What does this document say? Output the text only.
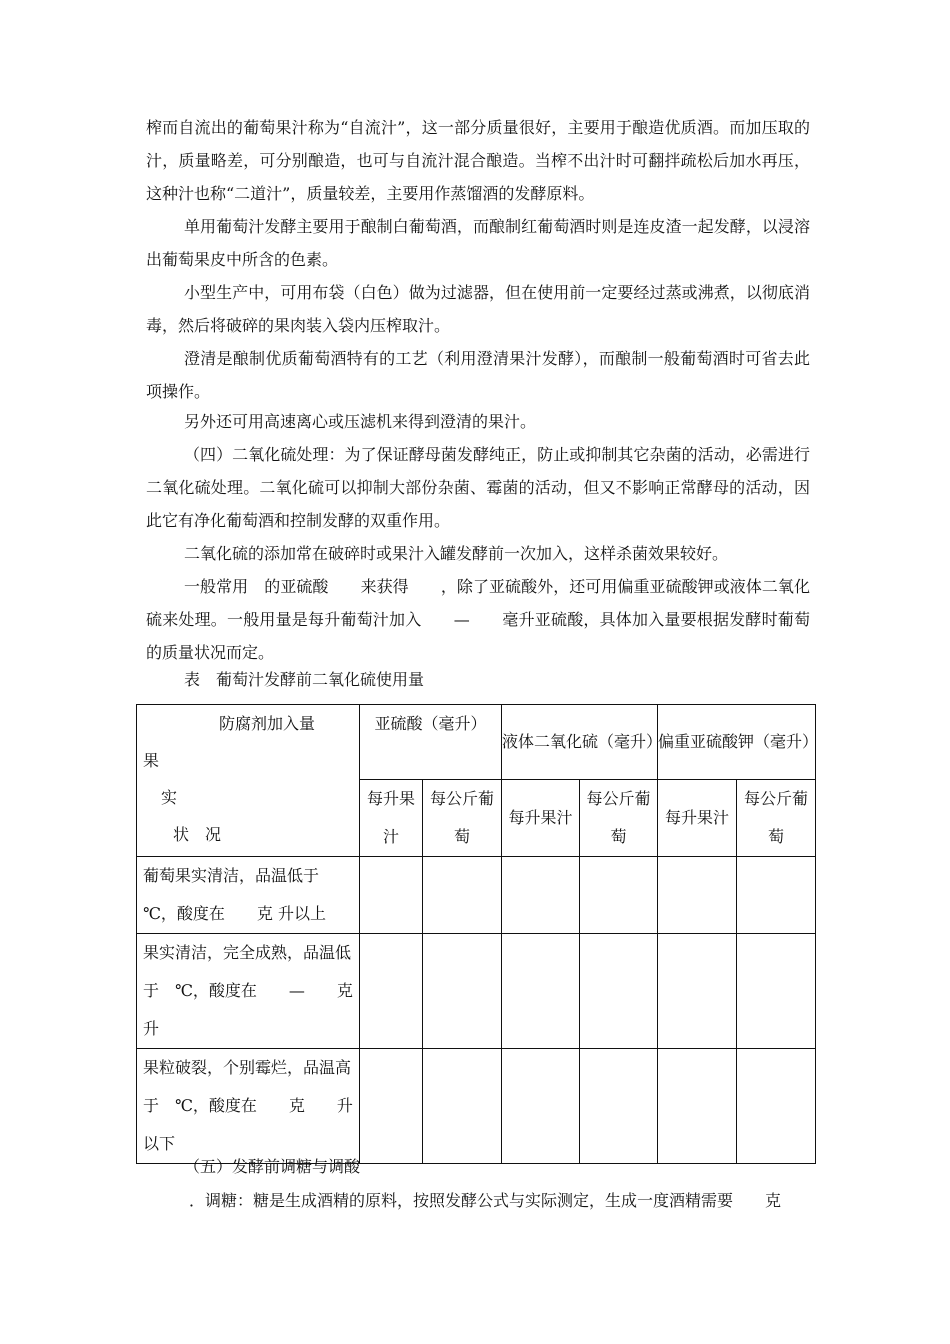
榨而自流出的葡萄果汁称为“自流汁”，这一部分质量很好，主要用于酿造优质酒。而加压取的汁，质量略差，可分别酿造，也可与自流汁混合酿造。当榨不出汁时可翻拌疏松后加水再压，这种汁也称“二道汁”，质量较差，主要用作蒸馏酒的发酵原料。

单用葡萄汁发酵主要用于酿制白葡萄酒，而酿制红葡萄酒时则是连皮渣一起发酵，以浸溶出葡萄果皮中所含的色素。

小型生产中，可用布袋（白色）做为过滤器，但在使用前一定要经过蒸或沸煮，以彻底消毒，然后将破碎的果肉装入袋内压榨取汁。

澄清是酿制优质葡萄酒特有的工艺（利用澄清果汁发酵），而酿制一般葡萄酒时可省去此项操作。

另外还可用高速离心或压滤机来得到澄清的果汁。

（四）二氧化硫处理：为了保证酵母菌发酵纯正，防止或抑制其它杂菌的活动，必需进行二氧化硫处理。二氧化硫可以抑制大部份杂菌、霉菌的活动，但又不影响正常酵母的活动，因此它有净化葡萄酒和控制发酵的双重作用。

二氧化硫的添加常在破碎时或果汁入罐发酵前一次加入，这样杀菌效果较好。

一般常用　的亚硫酸　　来获得　　，除了亚硫酸外，还可用偏重亚硫酸钾或液体二氧化硫来处理。一般用量是每升葡萄汁加入　　—　　毫升亚硫酸，具体加入量要根据发酵时葡萄的质量状况而定。

表　葡萄汁发酵前二氧化硫使用量
防腐剂加入量
果
实
状　况	亚硫酸（毫升）		液体二氧化硫（毫升）		偏重亚硫酸钾（毫升）	
	每升果汁	每公斤葡萄	每升果汁	每公斤葡萄	每升果汁	每公斤葡萄
葡萄果实清洁，品温低于　　℃，酸度在　　克 升以上						
果实清洁，完全成熟，品温低于　℃，酸度在　　—　　克 升						
果粒破裂，个别霉烂，品温高于　℃，酸度在　　克　　升以下						
（五）发酵前调糖与调酸
．调糖：糖是生成酒精的原料，按照发酵公式与实际测定，生成一度酒精需要　　克
